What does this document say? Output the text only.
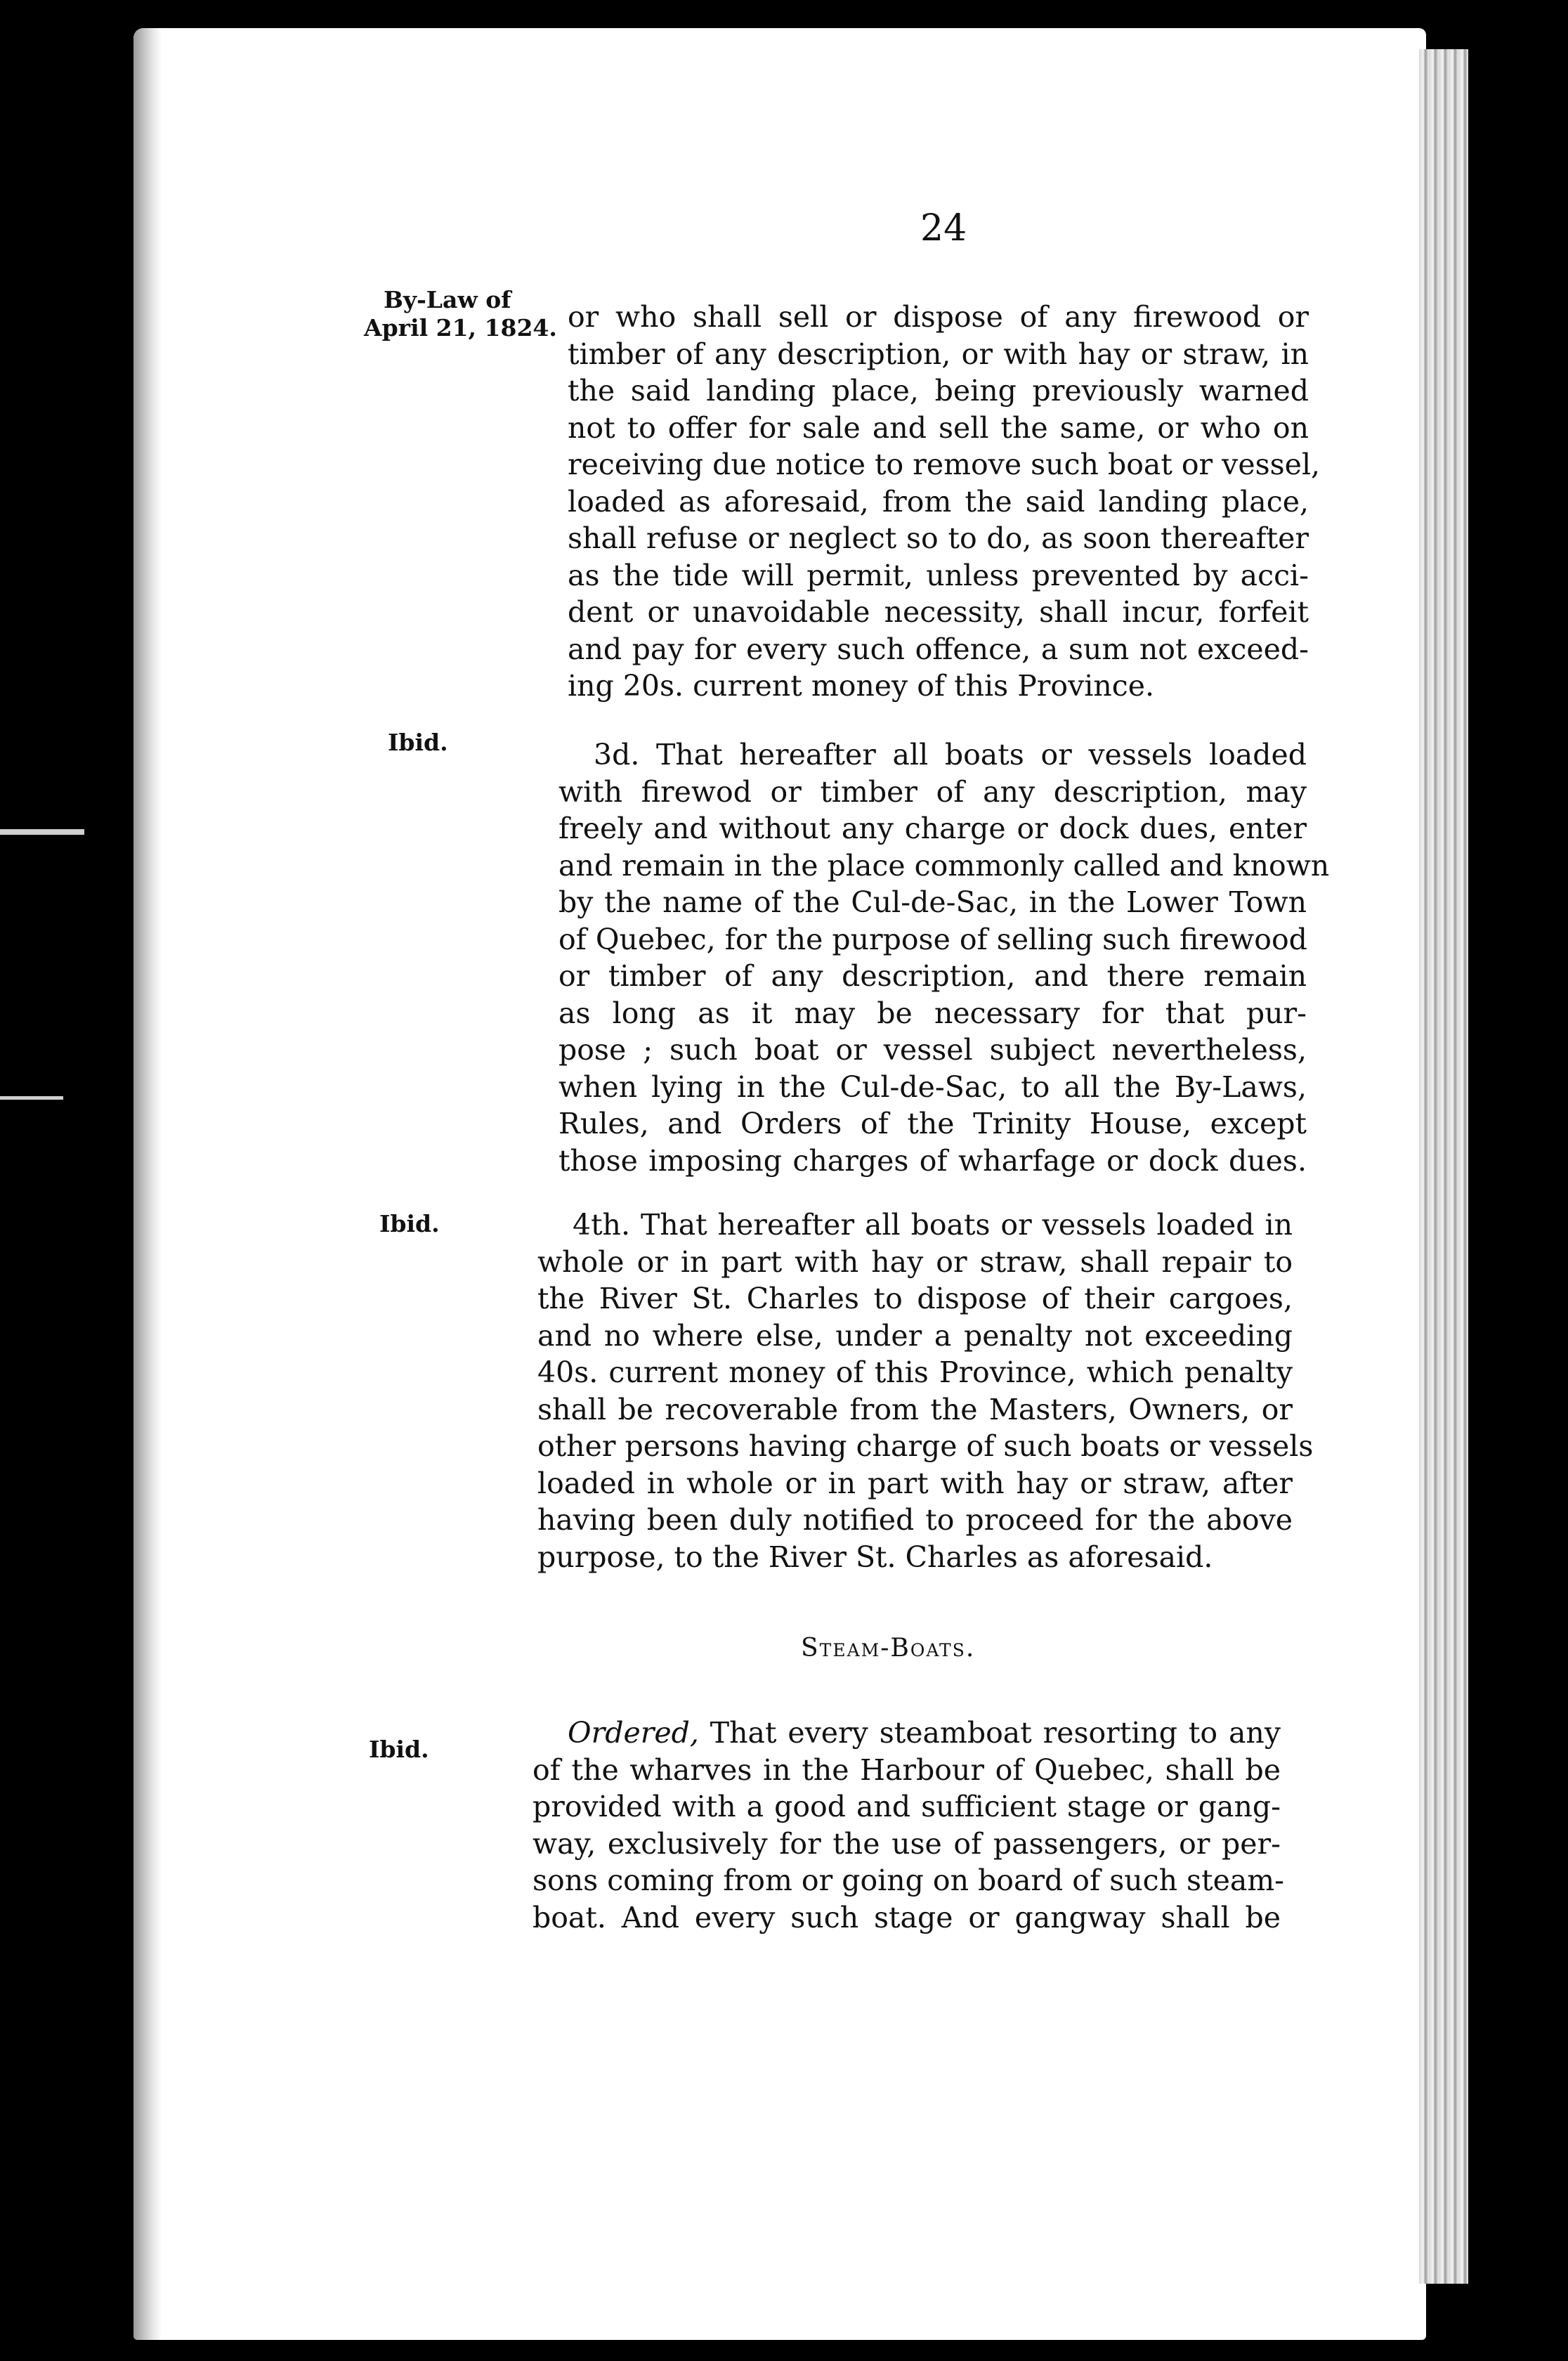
24
By-Law of
April 21, 1824.
Ibid.
Ibid.
Ibid.
or who shall sell or dispose of any firewood or
timber of any description, or with hay or straw, in
the said landing place, being previously warned
not to offer for sale and sell the same, or who on
receiving due notice to remove such boat or vessel,
loaded as aforesaid, from the said landing place,
shall refuse or neglect so to do, as soon thereafter
as the tide will permit, unless prevented by acci-
dent or unavoidable necessity, shall incur, forfeit
and pay for every such offence, a sum not exceed-
ing 20s. current money of this Province.
3d. That hereafter all boats or vessels loaded
with firewod or timber of any description, may
freely and without any charge or dock dues, enter
and remain in the place commonly called and known
by the name of the Cul-de-Sac, in the Lower Town
of Quebec, for the purpose of selling such firewood
or timber of any description, and there remain
as long as it may be necessary for that pur-
pose ; such boat or vessel subject nevertheless,
when lying in the Cul-de-Sac, to all the By-Laws,
Rules, and Orders of the Trinity House, except
those imposing charges of wharfage or dock dues.
4th. That hereafter all boats or vessels loaded in
whole or in part with hay or straw, shall repair to
the River St. Charles to dispose of their cargoes,
and no where else, under a penalty not exceeding
40s. current money of this Province, which penalty
shall be recoverable from the Masters, Owners, or
other persons having charge of such boats or vessels
loaded in whole or in part with hay or straw, after
having been duly notified to proceed for the above
purpose, to the River St. Charles as aforesaid.
Steam-Boats.
Ordered, That every steamboat resorting to any
of the wharves in the Harbour of Quebec, shall be
provided with a good and sufficient stage or gang-
way, exclusively for the use of passengers, or per-
sons coming from or going on board of such steam-
boat. And every such stage or gangway shall be
